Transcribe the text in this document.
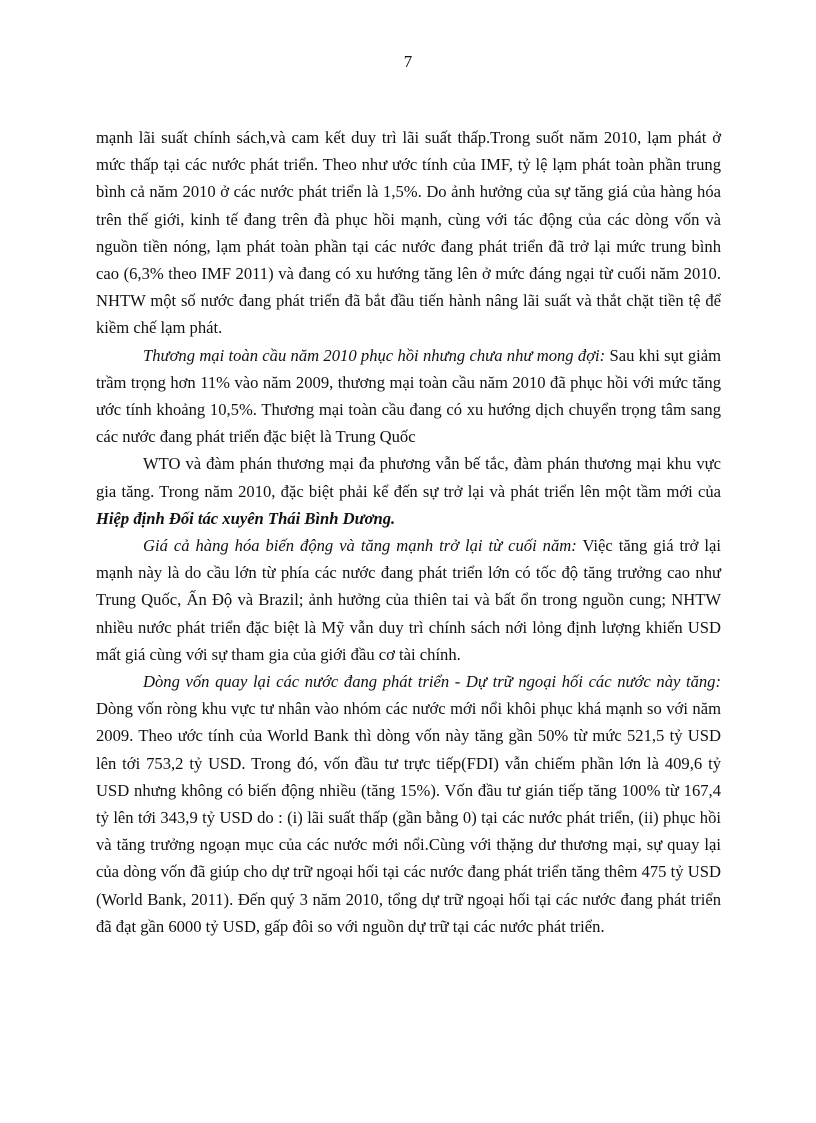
7

mạnh lãi suất chính sách,và cam kết duy trì lãi suất thấp.Trong suốt năm 2010, lạm phát ở mức thấp tại các nước phát triển. Theo như ước tính của IMF, tỷ lệ lạm phát toàn phần trung bình cả năm 2010 ở các nước phát triển là 1,5%. Do ảnh hưởng của sự tăng giá của hàng hóa trên thế giới, kinh tế đang trên đà phục hồi mạnh, cùng với tác động của các dòng vốn và nguồn tiền nóng, lạm phát toàn phần tại các nước đang phát triển đã trở lại mức trung bình cao (6,3% theo IMF 2011) và đang có xu hướng tăng lên ở mức đáng ngại từ cuối năm 2010. NHTW một số nước đang phát triển đã bắt đầu tiến hành nâng lãi suất và thắt chặt tiền tệ để kiềm chế lạm phát.

Thương mại toàn cầu năm 2010 phục hồi nhưng chưa như mong đợi: Sau khi sụt giảm trầm trọng hơn 11% vào năm 2009, thương mại toàn cầu năm 2010 đã phục hồi với mức tăng ước tính khoảng 10,5%. Thương mại toàn cầu đang có xu hướng dịch chuyển trọng tâm sang các nước đang phát triển đặc biệt là Trung Quốc

WTO và đàm phán thương mại đa phương vẫn bế tắc, đàm phán thương mại khu vực gia tăng. Trong năm 2010, đặc biệt phải kể đến sự trở lại và phát triển lên một tầm mới của Hiệp định Đối tác xuyên Thái Bình Dương.

Giá cả hàng hóa biến động và tăng mạnh trở lại từ cuối năm: Việc tăng giá trở lại mạnh này là do cầu lớn từ phía các nước đang phát triển lớn có tốc độ tăng trưởng cao như Trung Quốc, Ấn Độ và Brazil; ảnh hưởng của thiên tai và bất ổn trong nguồn cung; NHTW nhiều nước phát triển đặc biệt là Mỹ vẫn duy trì chính sách nới lỏng định lượng khiến USD mất giá cùng với sự tham gia của giới đầu cơ tài chính.

Dòng vốn quay lại các nước đang phát triển - Dự trữ ngoại hối các nước này tăng: Dòng vốn ròng khu vực tư nhân vào nhóm các nước mới nổi khôi phục khá mạnh so với năm 2009. Theo ước tính của World Bank thì dòng vốn này tăng gần 50% từ mức 521,5 tỷ USD lên tới 753,2 tỷ USD. Trong đó, vốn đầu tư trực tiếp(FDI) vẫn chiếm phần lớn là 409,6 tỷ USD nhưng không có biến động nhiều (tăng 15%). Vốn đầu tư gián tiếp tăng 100% từ 167,4 tỷ lên tới 343,9 tỷ USD do : (i) lãi suất thấp (gần bằng 0) tại các nước phát triển, (ii) phục hồi và tăng trưởng ngoạn mục của các nước mới nổi.Cùng với thặng dư thương mại, sự quay lại của dòng vốn đã giúp cho dự trữ ngoại hối tại các nước đang phát triển tăng thêm 475 tỷ USD (World Bank, 2011). Đến quý 3 năm 2010, tổng dự trữ ngoại hối tại các nước đang phát triển đã đạt gần 6000 tỷ USD, gấp đôi so với nguồn dự trữ tại các nước phát triển.
